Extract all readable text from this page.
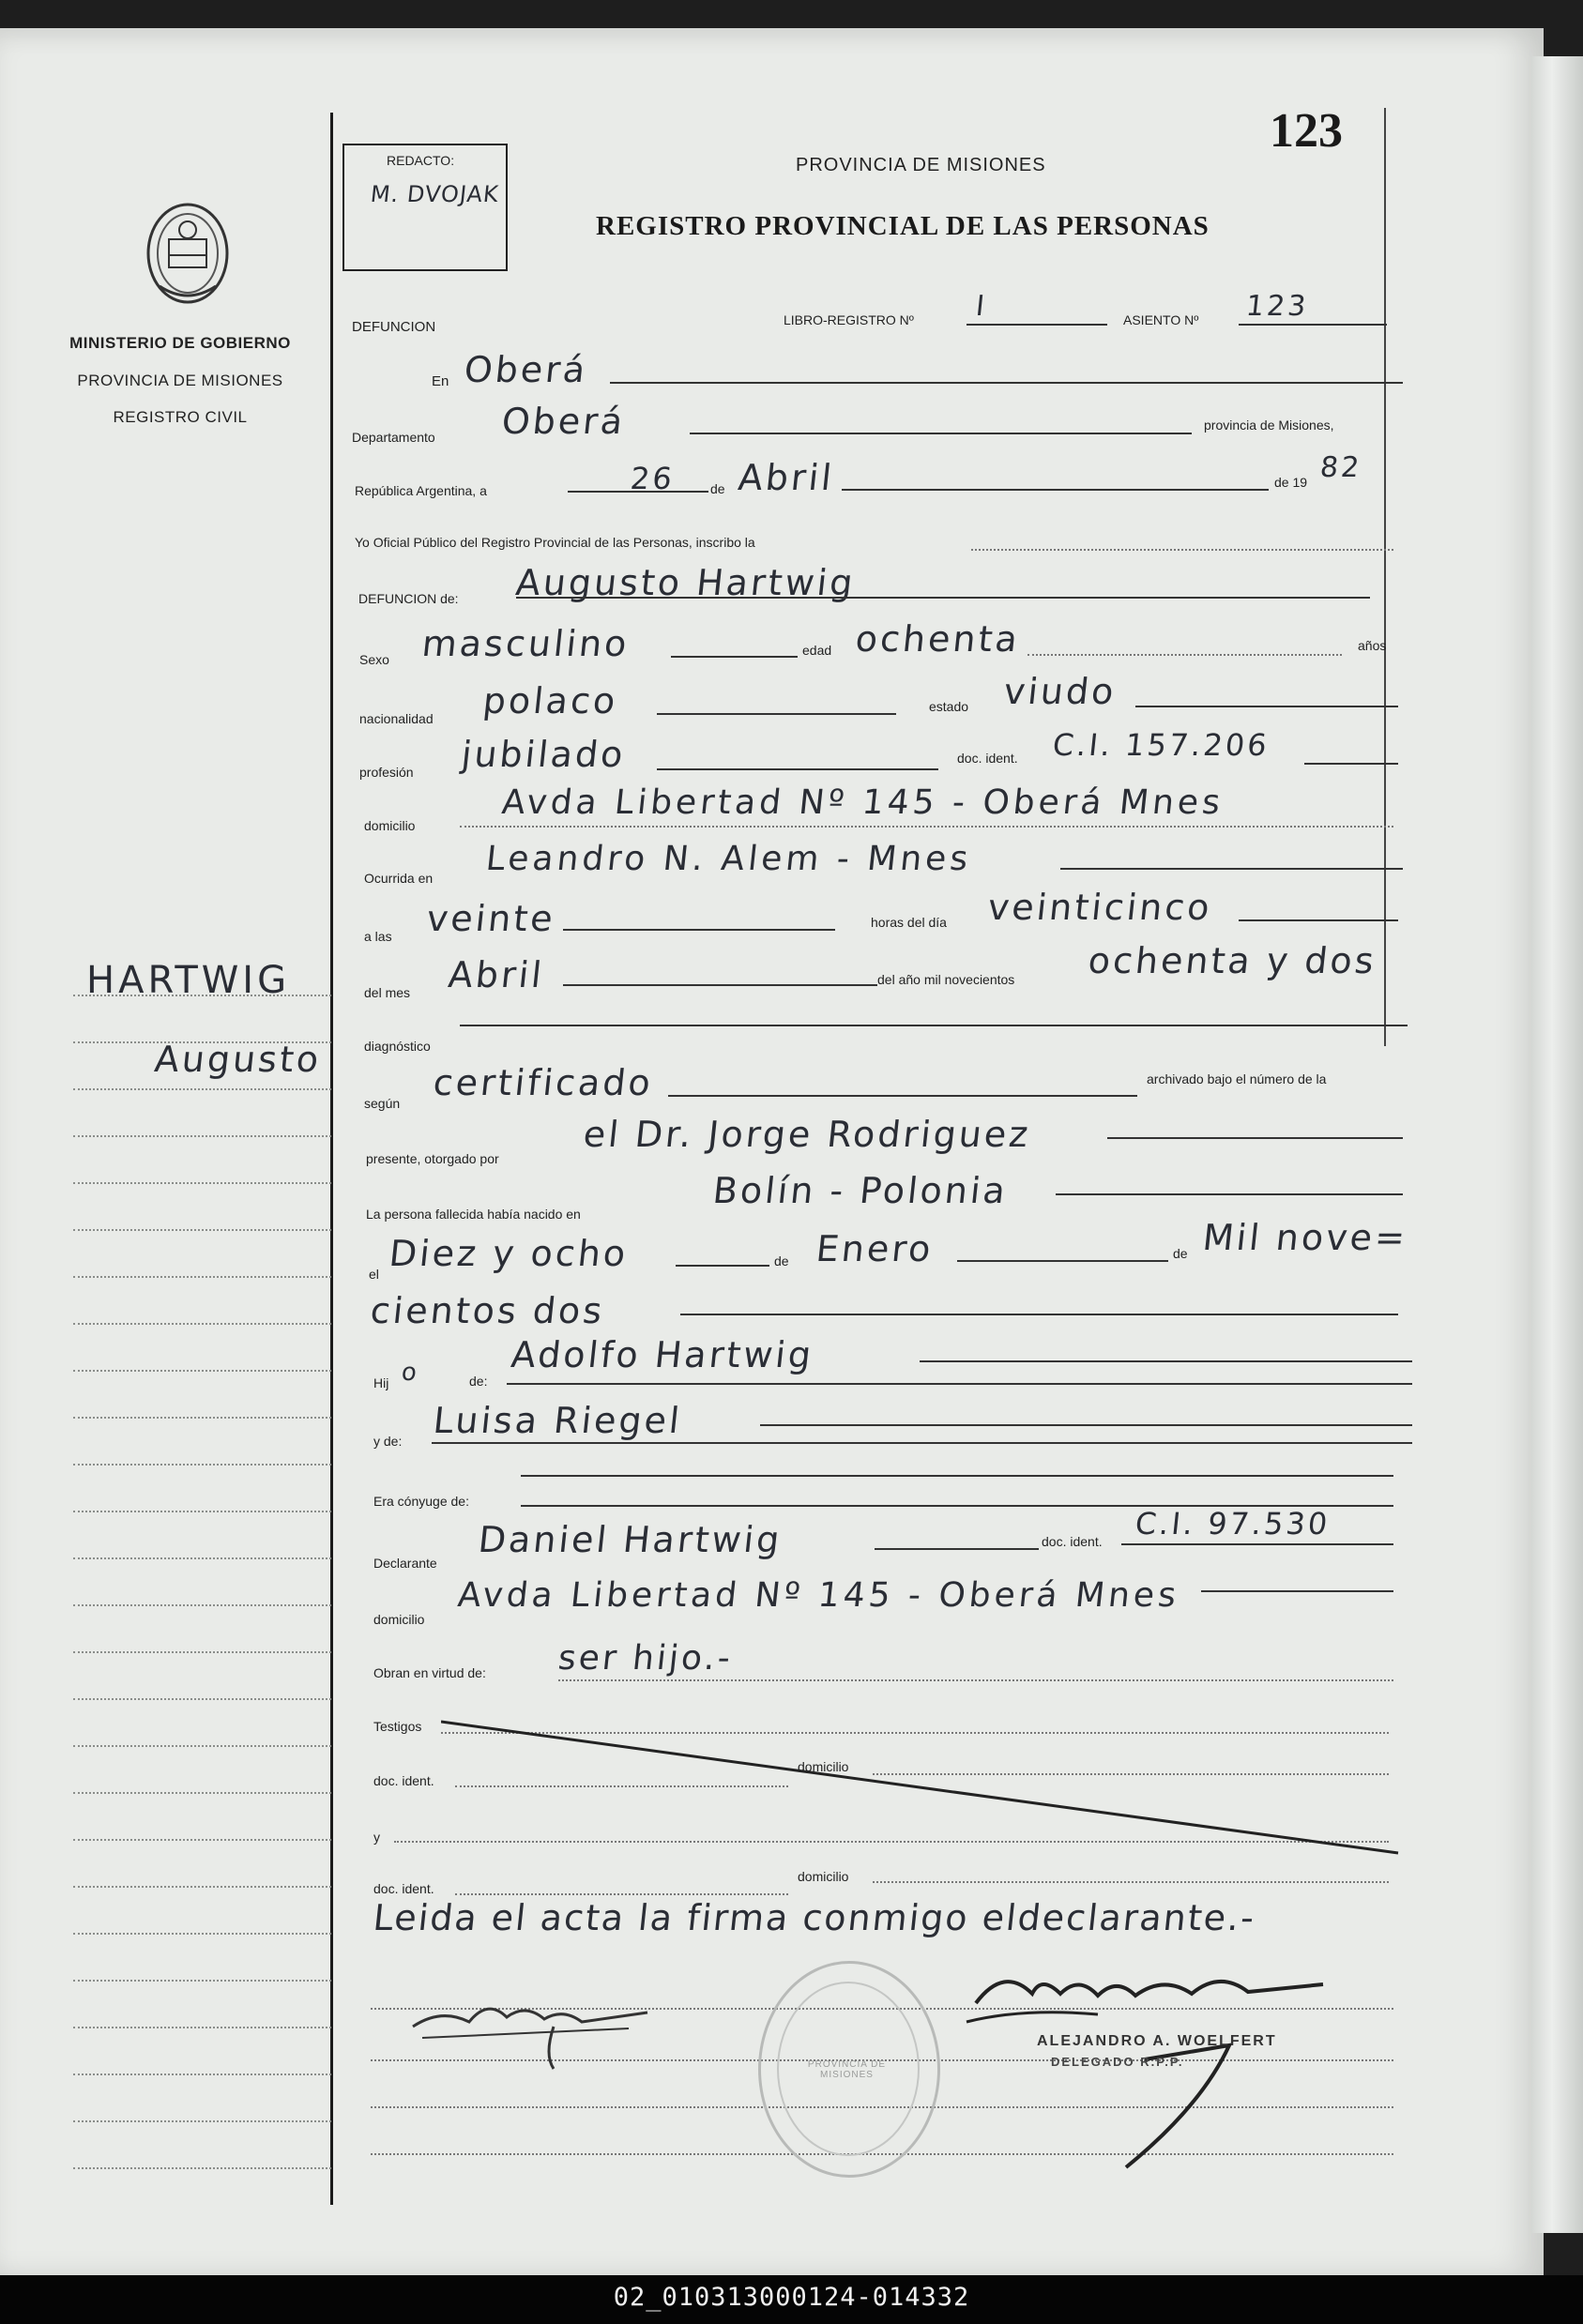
123
REDACTO:
M. DVOJAK
PROVINCIA DE MISIONES
REGISTRO PROVINCIAL DE LAS PERSONAS
MINISTERIO DE GOBIERNO
PROVINCIA DE MISIONES
REGISTRO CIVIL
HARTWIG
Augusto
DEFUNCION	LIBRO-REGISTRO Nº I	ASIENTO Nº 123
En Oberá
Departamento Oberá	provincia de Misiones,
República Argentina, a	26	de Abril	de 19 82
Yo Oficial Público del Registro Provincial de las Personas, inscribo la
DEFUNCION de: Augusto Hartwig
Sexo masculino	edad ochenta	años
nacionalidad polaco	estado viudo
profesión jubilado	doc. ident. C.I. 157.206
domicilio
Avda Libertad Nº 145 - Oberá Mnes
Ocurrida en Leandro N. Alem - Mnes
a las veinte	horas del día veinticinco
del mes Abril	del año mil novecientos ochenta y dos
diagnóstico
según certificado	archivado bajo el número de la
presente, otorgado por
el Dr. Jorge Rodriguez
La persona fallecida había nacido en
Bolín - Polonia
el Diez y ocho	de Enero	de Mil nove=
cientos dos
Hij o	de:
Adolfo Hartwig
y de: Luisa Riegel
Era cónyuge de:
Declarante
Daniel Hartwig	doc. ident. C.I. 97.530
domicilio
Avda Libertad Nº 145 - Oberá Mnes
Obran en virtud de: ser hijo.-
Testigos
doc. ident.
domicilio
y
doc. ident.
domicilio
Leida el acta la firma conmigo eldeclarante.-
PROVINCIA DE MISIONES
ALEJANDRO A. WOELFERT
DELEGADO R.P.P.
02_010313000124-014332
